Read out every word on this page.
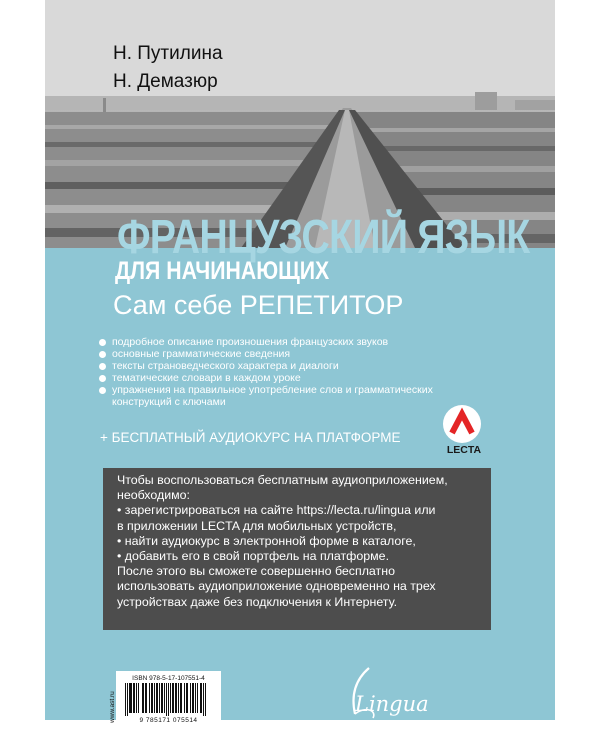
Н. Путилина
Н. Демазюр
ФРАНЦУЗСКИЙ ЯЗЫК
ДЛЯ НАЧИНАЮЩИХ
Сам себе РЕПЕТИТОР
подробное описание произношения французских звуков
основные грамматические сведения
тексты страноведческого характера и диалоги
тематические словари в каждом уроке
упражнения на правильное употребление слов и грамматических конструкций с ключами
+ БЕСПЛАТНЫЙ АУДИОКУРС НА ПЛАТФОРМЕ
LECTA
Чтобы воспользоваться бесплатным аудиоприложением,
необходимо:
• зарегистрироваться на сайте https://lecta.ru/lingua или
в приложении LECTA для мобильных устройств,
• найти аудиокурс в электронной форме в каталоге,
• добавить его в свой портфель на платформе.
После этого вы сможете совершенно бесплатно
использовать аудиоприложение одновременно на трех
устройствах даже без подключения к Интернету.
Lingua
www.ast.ru
ISBN 978-5-17-107551-4
9 785171 075514
